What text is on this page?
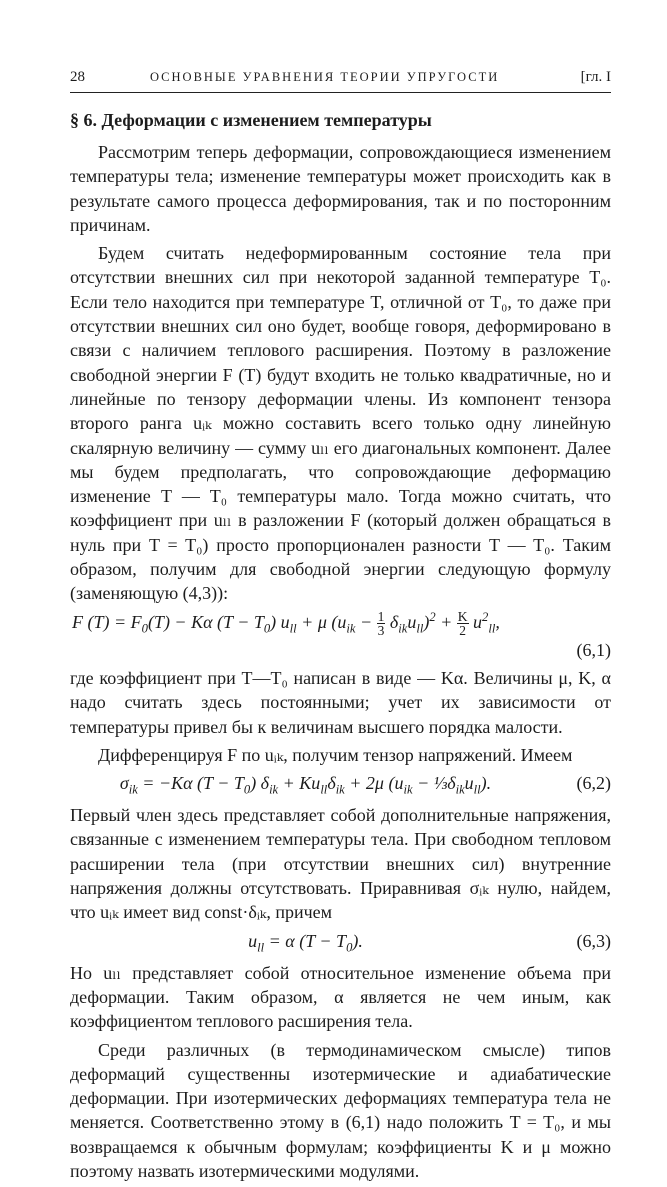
28	ОСНОВНЫЕ УРАВНЕНИЯ ТЕОРИИ УПРУГОСТИ	[гл. I
§ 6. Деформации с изменением температуры

Рассмотрим теперь деформации, сопровождающиеся изменением температуры тела; изменение температуры может происходить как в результате самого процесса деформирования, так и по посторонним причинам.

Будем считать недеформированным состояние тела при отсутствии внешних сил при некоторой заданной температуре T₀. Если тело находится при температуре T, отличной от T₀, то даже при отсутствии внешних сил оно будет, вообще говоря, деформировано в связи с наличием теплового расширения. Поэтому в разложение свободной энергии F (T) будут входить не только квадратичные, но и линейные по тензору деформации члены. Из компонент тензора второго ранга uᵢₖ можно составить всего только одну линейную скалярную величину — сумму uₗₗ его диагональных компонент. Далее мы будем предполагать, что сопровождающие деформацию изменение T — T₀ температуры мало. Тогда можно считать, что коэффициент при uₗₗ в разложении F (который должен обращаться в нуль при T = T₀) просто пропорционален разности T — T₀. Таким образом, получим для свободной энергии следующую формулу (заменяющую (4,3)):

F $(T) = F_0(T) - K\alpha$ $(T - T_0)$ $u_{ll} + \mu$ $(u_{ik} - \frac{1}{3} \delta_{ik}u_{ll})^2 + \frac{K}{2} u^2_{ll}$,
(6,1)

где коэффициент при T—T₀ написан в виде — Kα. Величины μ, K, α надо считать здесь постоянными; учет их зависимости от температуры привел бы к величинам высшего порядка малости.

Дифференцируя F по uᵢₖ, получим тензор напряжений. Имеем

$\sigma_{ik} = -K\alpha$ $(T - T_0)$ $\delta_{ik} + Ku_{ll}\delta_{ik} + 2\mu$ ($u_{ik}$ − $\frac{1}{3}\delta_{ik}u_{ll}$).	(6,2)

Первый член здесь представляет собой дополнительные напряжения, связанные с изменением температуры тела. При свободном тепловом расширении тела (при отсутствии внешних сил) внутренние напряжения должны отсутствовать. Приравнивая σᵢₖ нулю, найдем, что uᵢₖ имеет вид const·δᵢₖ, причем

$u_{ll} = \alpha$ $(T - T_0)$.	(6,3)

Но uₗₗ представляет собой относительное изменение объема при деформации. Таким образом, α является не чем иным, как коэффициентом теплового расширения тела.

Среди различных (в термодинамическом смысле) типов деформаций существенны изотермические и адиабатические деформации. При изотермических деформациях температура тела не меняется. Соответственно этому в (6,1) надо положить T = T₀, и мы возвращаемся к обычным формулам; коэффициенты K и μ можно поэтому назвать изотермическими модулями.
